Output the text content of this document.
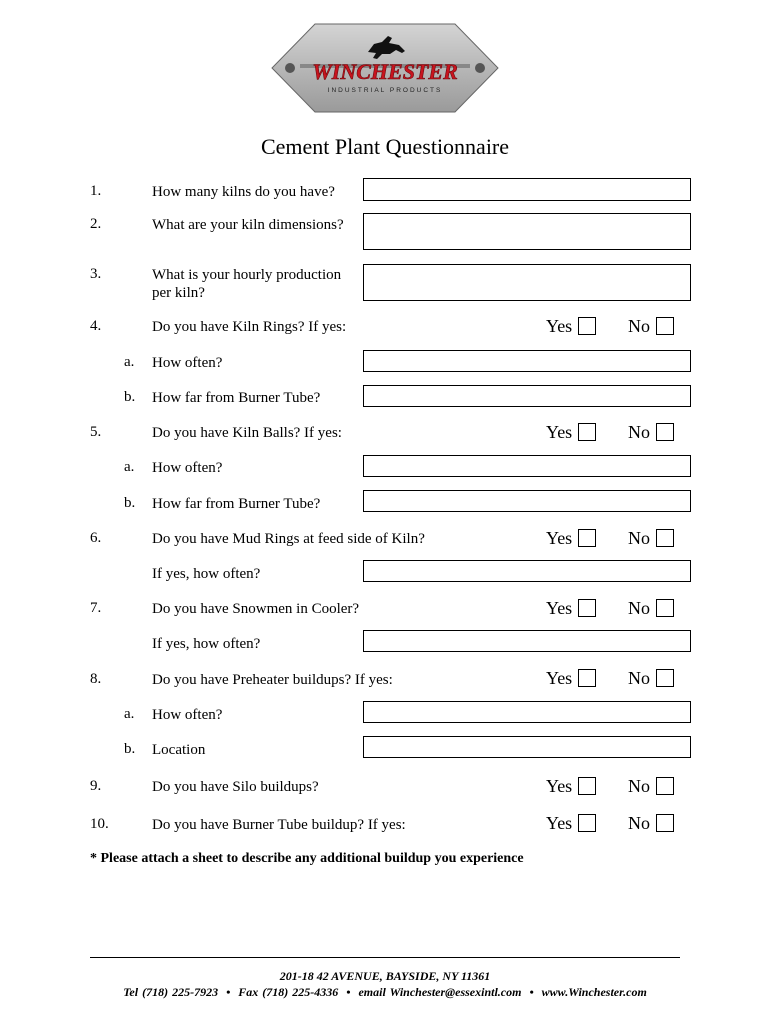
WINCHESTER
INDUSTRIAL PRODUCTS
Cement Plant Questionnaire
1.	How many kilns do you have?
2.	What are your kiln dimensions?
3.	What is your hourly production
per kiln?
4.	Do you have Kiln Rings? If yes:	Yes	No
a. How often?
b. How far from Burner Tube?
5.	Do you have Kiln Balls? If yes:	Yes	No
a. How often?
b. How far from Burner Tube?
6.	Do you have Mud Rings at feed side of Kiln?	Yes	No
If yes, how often?
7.	Do you have Snowmen in Cooler?	Yes	No
If yes, how often?
8.	Do you have Preheater buildups? If yes:	Yes	No
a. How often?
b. Location
9.	Do you have Silo buildups?	Yes	No
10.	Do you have Burner Tube buildup? If yes:	Yes	No
* Please attach a sheet to describe any additional buildup you experience
201-18 42 AVENUE, BAYSIDE, NY 11361
Tel (718) 225-7923 • Fax (718) 225-4336 • email Winchester@essexintl.com • www.Winchester.com
